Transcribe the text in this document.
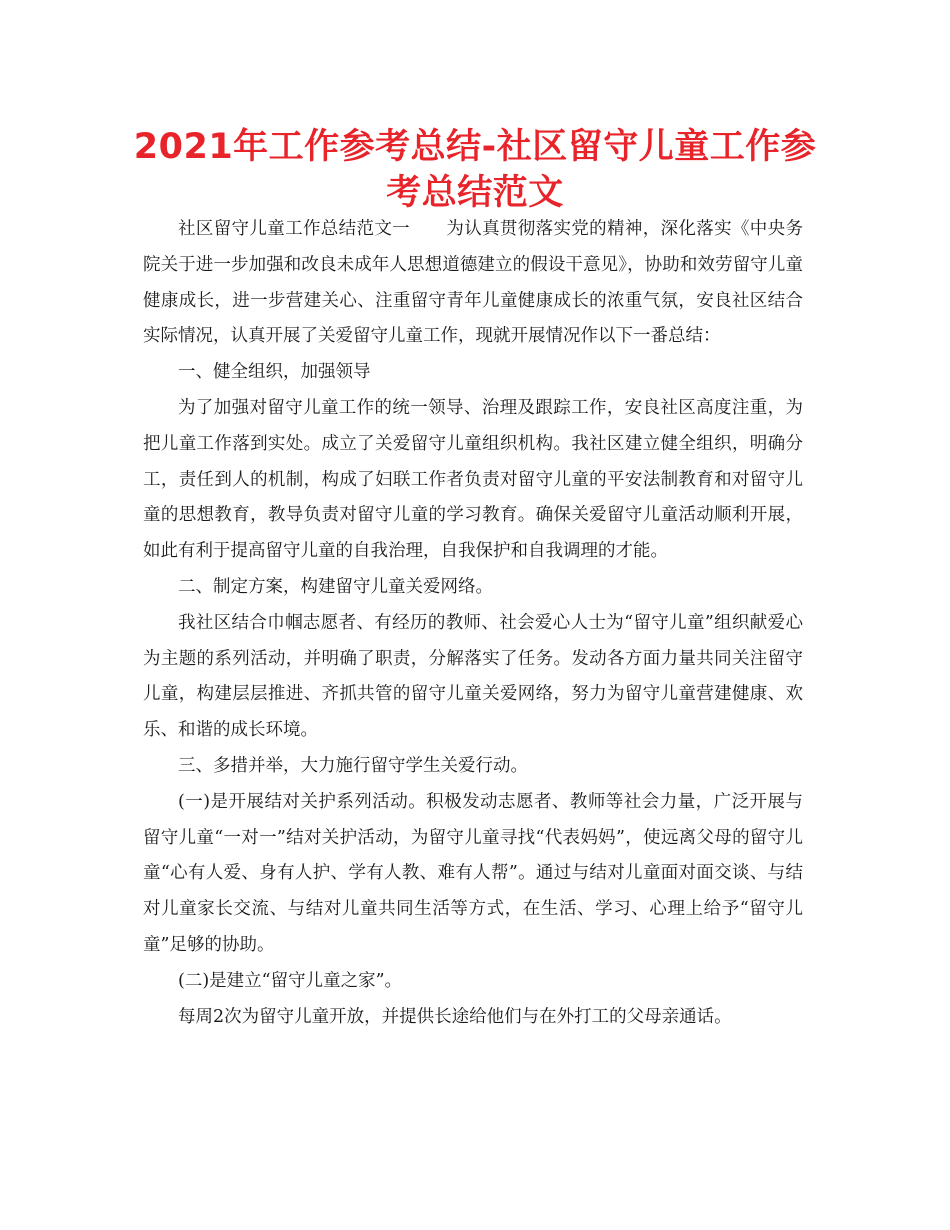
2021年工作参考总结-社区留守儿童工作参考总结范文

社区留守儿童工作总结范文一 为认真贯彻落实党的精神，深化落实《中央务院关于进一步加强和改良未成年人思想道德建立的假设干意见》，协助和效劳留守儿童健康成长，进一步营建关心、注重留守青年儿童健康成长的浓重气氛，安良社区结合实际情况，认真开展了关爱留守儿童工作，现就开展情况作以下一番总结：

一、健全组织，加强领导

为了加强对留守儿童工作的统一领导、治理及跟踪工作，安良社区高度注重，为把儿童工作落到实处。成立了关爱留守儿童组织机构。我社区建立健全组织，明确分工，责任到人的机制，构成了妇联工作者负责对留守儿童的平安法制教育和对留守儿童的思想教育，教导负责对留守儿童的学习教育。确保关爱留守儿童活动顺利开展，如此有利于提高留守儿童的自我治理，自我保护和自我调理的才能。

二、制定方案，构建留守儿童关爱网络。

我社区结合巾帼志愿者、有经历的教师、社会爱心人士为“留守儿童”组织献爱心为主题的系列活动，并明确了职责，分解落实了任务。发动各方面力量共同关注留守儿童，构建层层推进、齐抓共管的留守儿童关爱网络，努力为留守儿童营建健康、欢乐、和谐的成长环境。

三、多措并举，大力施行留守学生关爱行动。

(一)是开展结对关护系列活动。积极发动志愿者、教师等社会力量，广泛开展与留守儿童“一对一”结对关护活动，为留守儿童寻找“代表妈妈”，使远离父母的留守儿童“心有人爱、身有人护、学有人教、难有人帮”。通过与结对儿童面对面交谈、与结对儿童家长交流、与结对儿童共同生活等方式，在生活、学习、心理上给予“留守儿童”足够的协助。

(二)是建立“留守儿童之家”。

每周2次为留守儿童开放，并提供长途给他们与在外打工的父母亲通话。
